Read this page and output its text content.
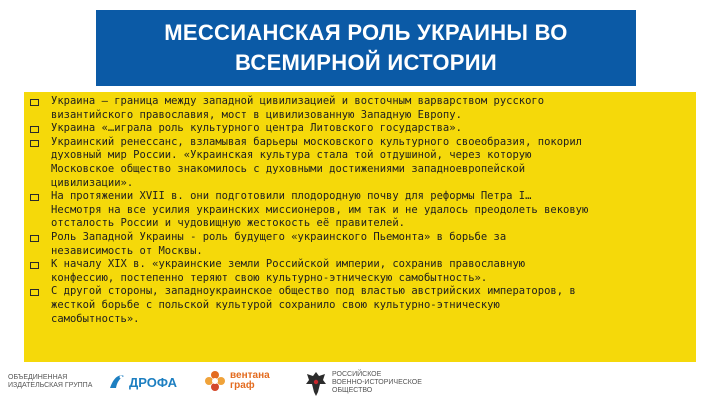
МЕССИАНСКАЯ РОЛЬ УКРАИНЫ ВО
ВСЕМИРНОЙ ИСТОРИИ
Украина – граница между западной цивилизацией и восточным варварством русского
византийского православия, мост в цивилизованную Западную Европу.
Украина «…играла роль культурного центра Литовского государства».
Украинский ренессанс, взламывая барьеры московского культурного своеобразия, покорил
духовный мир России. «Украинская культура стала той отдушиной, через которую
Московское общество знакомилось с духовными достижениями западноевропейской
цивилизации».
На протяжении XVII в. они подготовили плодородную почву для реформы Петра I…
Несмотря на все усилия украинских миссионеров, им так и не удалось преодолеть вековую
отсталость России и чудовищную жестокость её правителей.
Роль Западной Украины - роль будущего «украинского Пьемонта» в борьбе за
независимость от Москвы.
К началу XIX в. «украинские земли Российской империи, сохранив православную
конфессию, постепенно теряют свою культурно-этническую самобытность».
С другой стороны, западноукраинское общество под властью австрийских императоров, в
жесткой борьбе с польской культурой сохранило свою культурно-этническую
самобытность».
ОБЪЕДИНЕННАЯ
ИЗДАТЕЛЬСКАЯ ГРУППА	ДРОФА	вентана
граф
РОССИЙСКОЕ
ВОЕННО-ИСТОРИЧЕСКОЕ
ОБЩЕСТВО
